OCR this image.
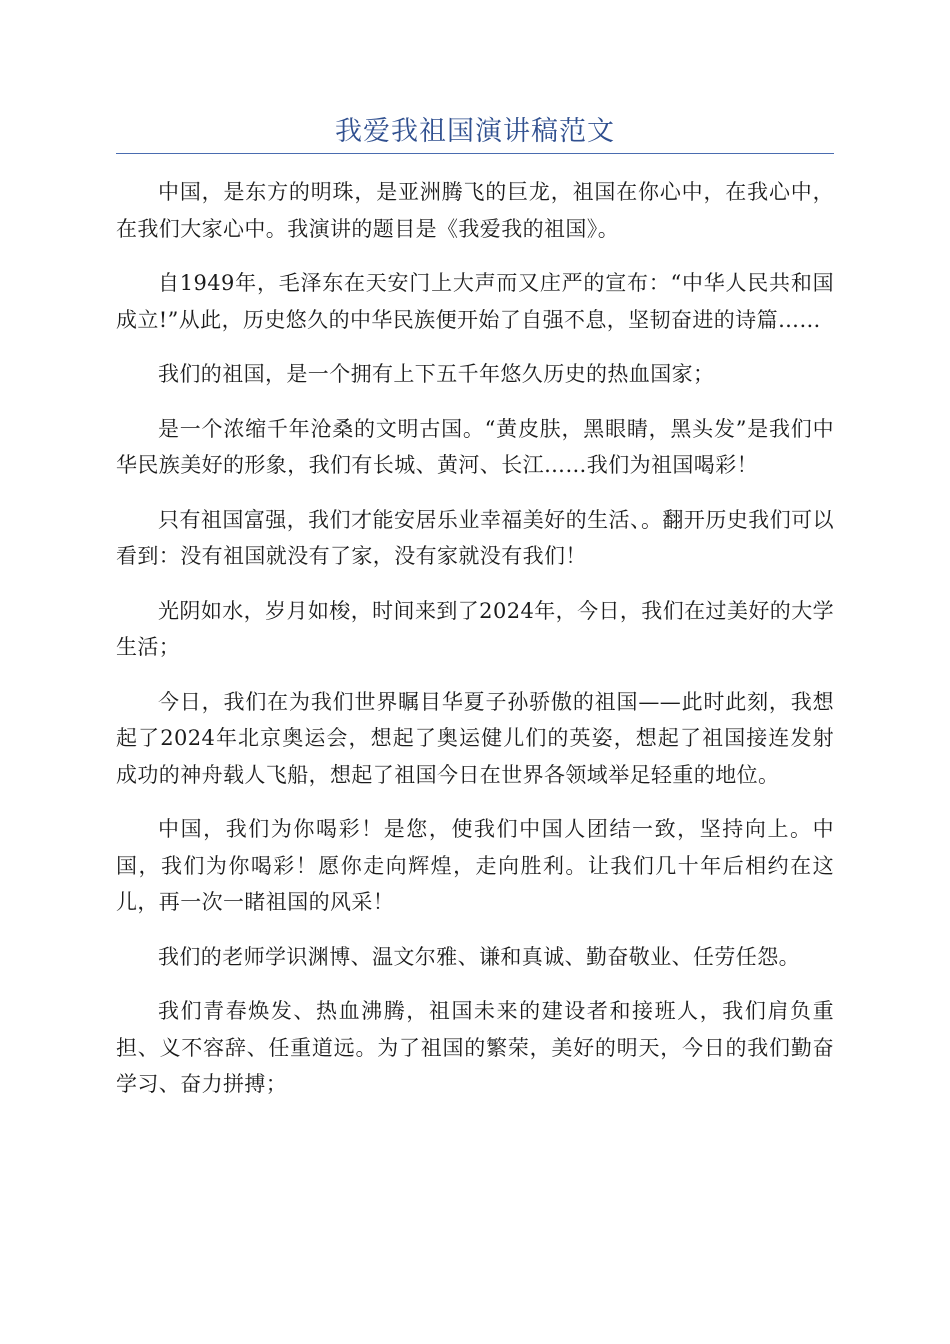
我爱我祖国演讲稿范文

中国，是东方的明珠，是亚洲腾飞的巨龙，祖国在你心中，在我心中，在我们大家心中。我演讲的题目是《我爱我的祖国》。

自1949年，毛泽东在天安门上大声而又庄严的宣布：“中华人民共和国成立!”从此，历史悠久的中华民族便开始了自强不息，坚韧奋进的诗篇……

我们的祖国，是一个拥有上下五千年悠久历史的热血国家；

是一个浓缩千年沧桑的文明古国。“黄皮肤，黑眼睛，黑头发”是我们中华民族美好的形象，我们有长城、黄河、长江……我们为祖国喝彩！

只有祖国富强，我们才能安居乐业幸福美好的生活、。翻开历史我们可以看到：没有祖国就没有了家，没有家就没有我们！

光阴如水，岁月如梭，时间来到了2024年，今日，我们在过美好的大学生活；

今日，我们在为我们世界瞩目华夏子孙骄傲的祖国——此时此刻，我想起了2024年北京奥运会，想起了奥运健儿们的英姿，想起了祖国接连发射成功的神舟载人飞船，想起了祖国今日在世界各领域举足轻重的地位。

中国，我们为你喝彩！是您，使我们中国人团结一致，坚持向上。中国，我们为你喝彩！愿你走向辉煌，走向胜利。让我们几十年后相约在这儿，再一次一睹祖国的风采！

我们的老师学识渊博、温文尔雅、谦和真诚、勤奋敬业、任劳任怨。

我们青春焕发、热血沸腾，祖国未来的建设者和接班人，我们肩负重担、义不容辞、任重道远。为了祖国的繁荣，美好的明天，今日的我们勤奋学习、奋力拼搏；
